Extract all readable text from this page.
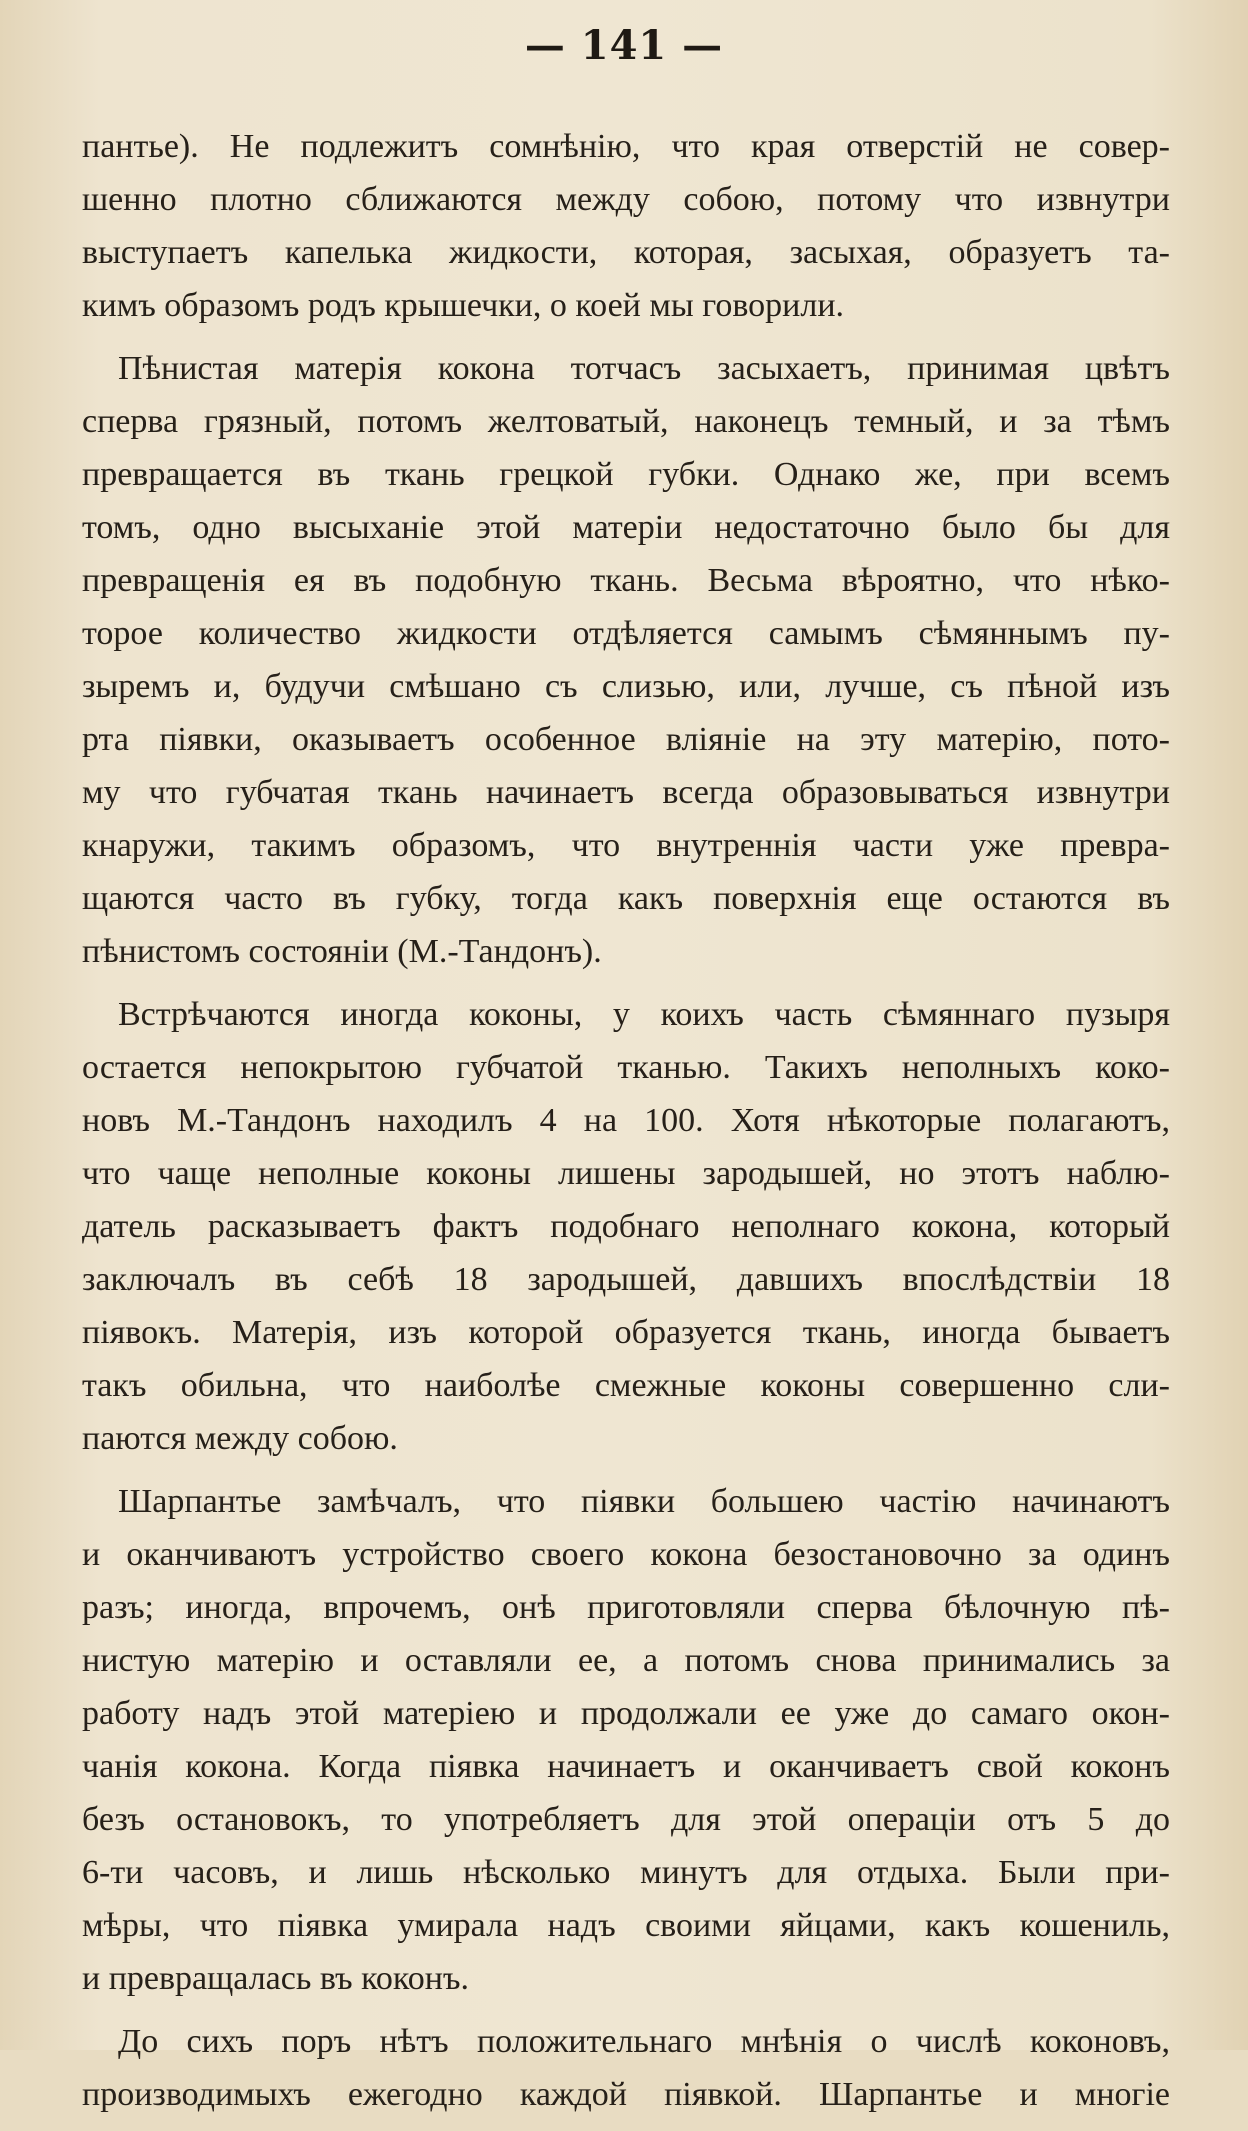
— 141 —
пантье). Не подлежитъ сомнѣнію, что края отверстій не совер-
шенно плотно сближаются между собою, потому что извнутри
выступаетъ капелька жидкости, которая, засыхая, образуетъ та-
кимъ образомъ родъ крышечки, о коей мы говорили.
Пѣнистая матерія кокона тотчасъ засыхаетъ, принимая цвѣтъ
сперва грязный, потомъ желтоватый, наконецъ темный, и за тѣмъ
превращается въ ткань грецкой губки. Однако же, при всемъ
томъ, одно высыханіе этой матеріи недостаточно было бы для
превращенія ея въ подобную ткань. Весьма вѣроятно, что нѣко-
торое количество жидкости отдѣляется самымъ сѣмяннымъ пу-
зыремъ и, будучи смѣшано съ слизью, или, лучше, съ пѣной изъ
рта піявки, оказываетъ особенное вліяніе на эту матерію, пото-
му что губчатая ткань начинаетъ всегда образовываться извнутри
кнаружи, такимъ образомъ, что внутреннія части уже превра-
щаются часто въ губку, тогда какъ поверхнія еще остаются въ
пѣнистомъ состояніи (М.-Тандонъ).
Встрѣчаются иногда коконы, у коихъ часть сѣмяннаго пузыря
остается непокрытою губчатой тканью. Такихъ неполныхъ коко-
новъ М.-Тандонъ находилъ 4 на 100. Хотя нѣкоторые полагаютъ,
что чаще неполные коконы лишены зародышей, но этотъ наблю-
датель расказываетъ фактъ подобнаго неполнаго кокона, который
заключалъ въ себѣ 18 зародышей, давшихъ впослѣдствіи 18
піявокъ. Матерія, изъ которой образуется ткань, иногда бываетъ
такъ обильна, что наиболѣе смежные коконы совершенно сли-
паются между собою.
Шарпантье замѣчалъ, что піявки большею частію начинаютъ
и оканчиваютъ устройство своего кокона безостановочно за одинъ
разъ; иногда, впрочемъ, онѣ приготовляли сперва бѣлочную пѣ-
нистую матерію и оставляли ее, а потомъ снова принимались за
работу надъ этой матеріею и продолжали ее уже до самаго окон-
чанія кокона. Когда піявка начинаетъ и оканчиваетъ свой коконъ
безъ остановокъ, то употребляетъ для этой операціи отъ 5 до
6-ти часовъ, и лишь нѣсколько минутъ для отдыха. Были при-
мѣры, что піявка умирала надъ своими яйцами, какъ кошениль,
и превращалась въ коконъ.
До сихъ поръ нѣтъ положительнаго мнѣнія о числѣ коконовъ,
производимыхъ ежегодно каждой піявкой. Шарпантье и многіе
